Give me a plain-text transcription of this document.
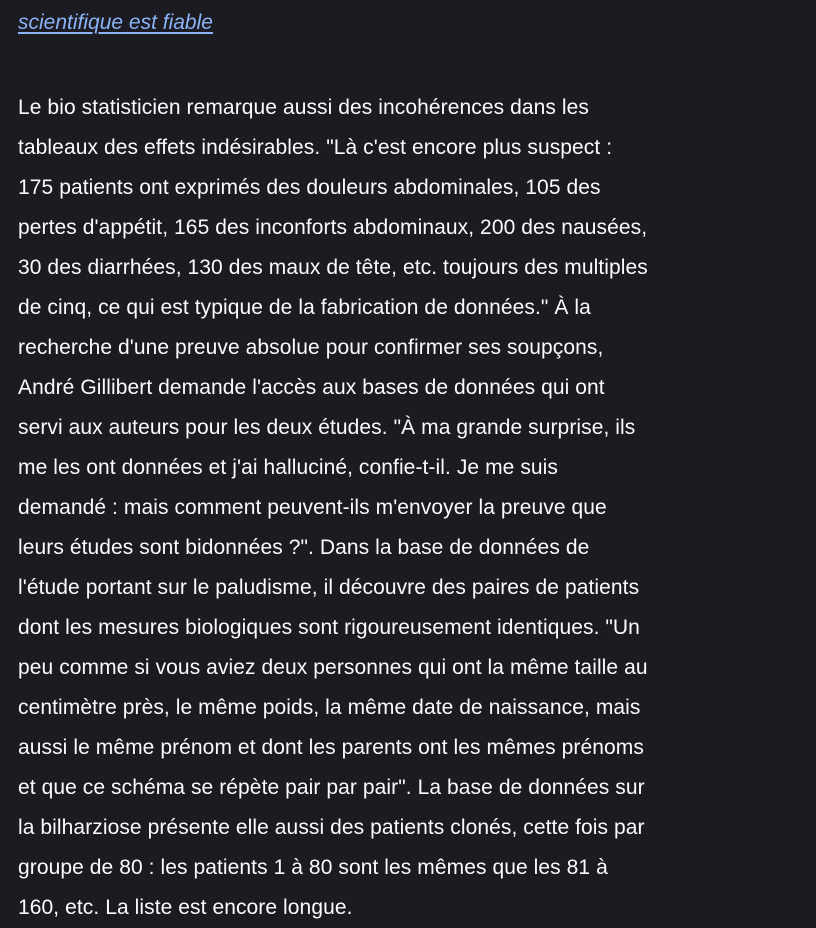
scientifique est fiable

Le bio statisticien remarque aussi des incohérences dans les
tableaux des effets indésirables. "Là c'est encore plus suspect :
175 patients ont exprimés des douleurs abdominales, 105 des
pertes d'appétit, 165 des inconforts abdominaux, 200 des nausées,
30 des diarrhées, 130 des maux de tête, etc. toujours des multiples
de cinq, ce qui est typique de la fabrication de données." À la
recherche d'une preuve absolue pour confirmer ses soupçons,
André Gillibert demande l'accès aux bases de données qui ont
servi aux auteurs pour les deux études. "À ma grande surprise, ils
me les ont données et j'ai halluciné, confie-t-il. Je me suis
demandé : mais comment peuvent-ils m'envoyer la preuve que
leurs études sont bidonnées ?". Dans la base de données de
l'étude portant sur le paludisme, il découvre des paires de patients
dont les mesures biologiques sont rigoureusement identiques. "Un
peu comme si vous aviez deux personnes qui ont la même taille au
centimètre près, le même poids, la même date de naissance, mais
aussi le même prénom et dont les parents ont les mêmes prénoms
et que ce schéma se répète pair par pair". La base de données sur
la bilharziose présente elle aussi des patients clonés, cette fois par
groupe de 80 : les patients 1 à 80 sont les mêmes que les 81 à
160, etc. La liste est encore longue.
